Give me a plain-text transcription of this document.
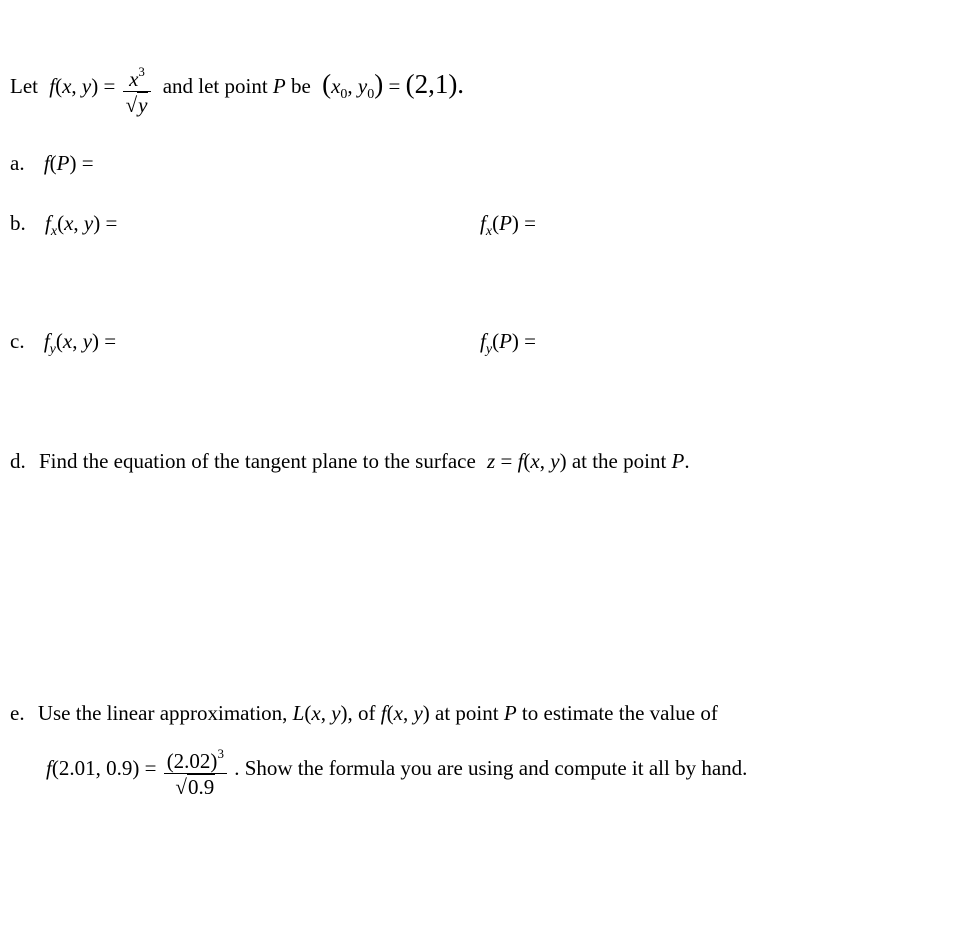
Let f(x, $y) = \frac{x^3}{√y}$ and let point P be ($x_0$, $y_0) = (2,1)$.
a. f(P) =
b. $f_x(x$, y) =	$f_x(P)$ =
c. $f_y(x$, y) =	$f_y(P)$ =
d. Find the equation of the tangent plane to the surface z = f(x, y) at the point P.
e. Use the linear approximation, L(x, y), of f(x, y) at point P to estimate the value of
f(2.01, $0.9) = \frac{(2.02)^3}{√0.9}$ . Show the formula you are using and compute it all by hand.
